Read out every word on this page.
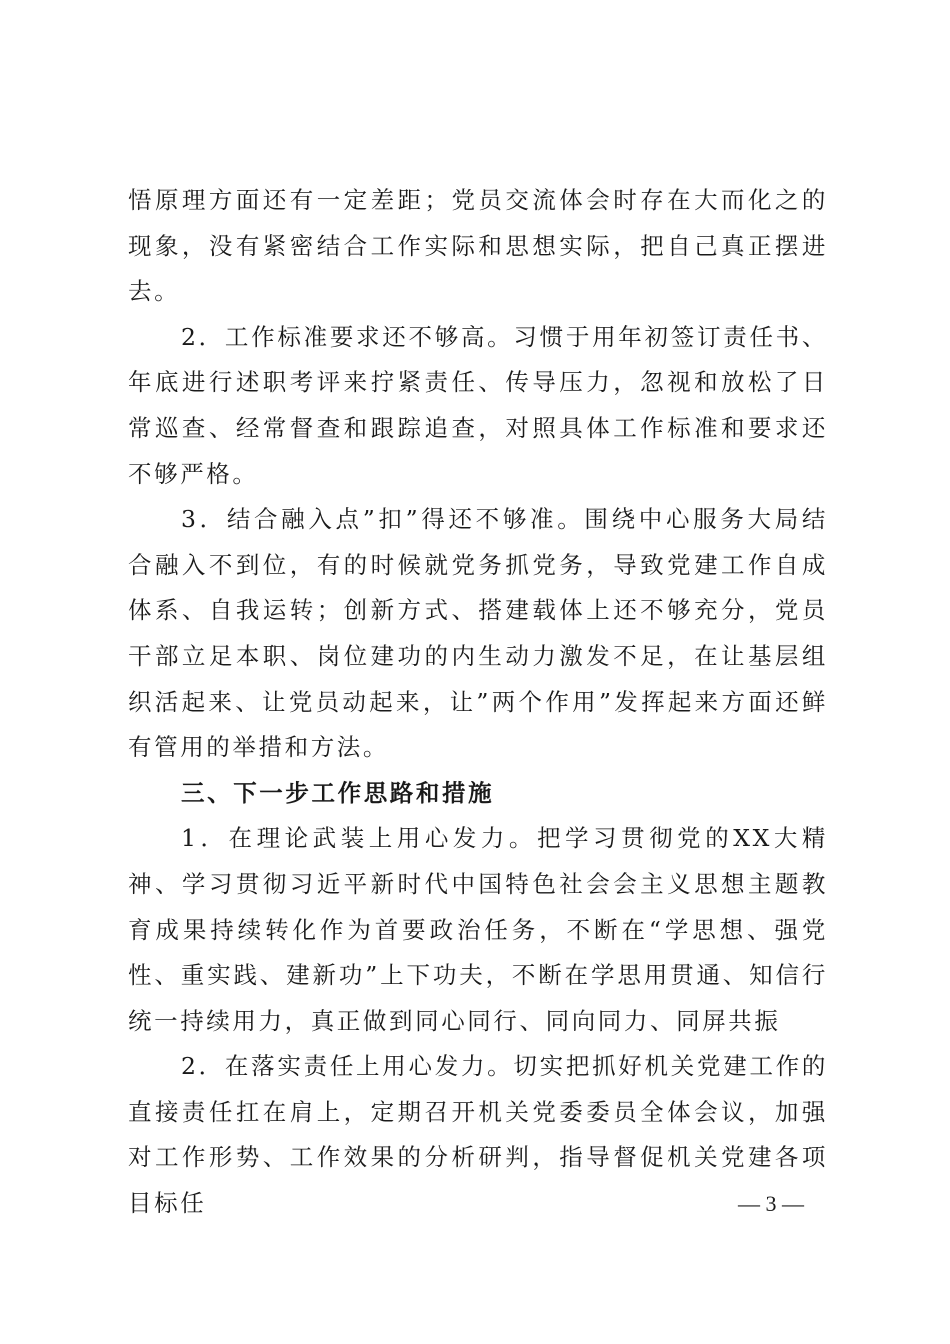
悟原理方面还有一定差距；党员交流体会时存在大而化之的现象，没有紧密结合工作实际和思想实际，把自己真正摆进去。

2．工作标准要求还不够高。习惯于用年初签订责任书、年底进行述职考评来拧紧责任、传导压力，忽视和放松了日常巡查、经常督查和跟踪追查，对照具体工作标准和要求还不够严格。

3．结合融入点”扣”得还不够准。围绕中心服务大局结合融入不到位，有的时候就党务抓党务，导致党建工作自成体系、自我运转；创新方式、搭建载体上还不够充分，党员干部立足本职、岗位建功的内生动力激发不足，在让基层组织活起来、让党员动起来，让”两个作用”发挥起来方面还鲜有管用的举措和方法。

三、下一步工作思路和措施

1．在理论武装上用心发力。把学习贯彻党的XX大精神、学习贯彻习近平新时代中国特色社会会主义思想主题教育成果持续转化作为首要政治任务，不断在“学思想、强党性、重实践、建新功”上下功夫，不断在学思用贯通、知信行统一持续用力，真正做到同心同行、同向同力、同屏共振

2．在落实责任上用心发力。切实把抓好机关党建工作的直接责任扛在肩上，定期召开机关党委委员全体会议，加强对工作形势、工作效果的分析研判，指导督促机关党建各项目标任	— 3 —
